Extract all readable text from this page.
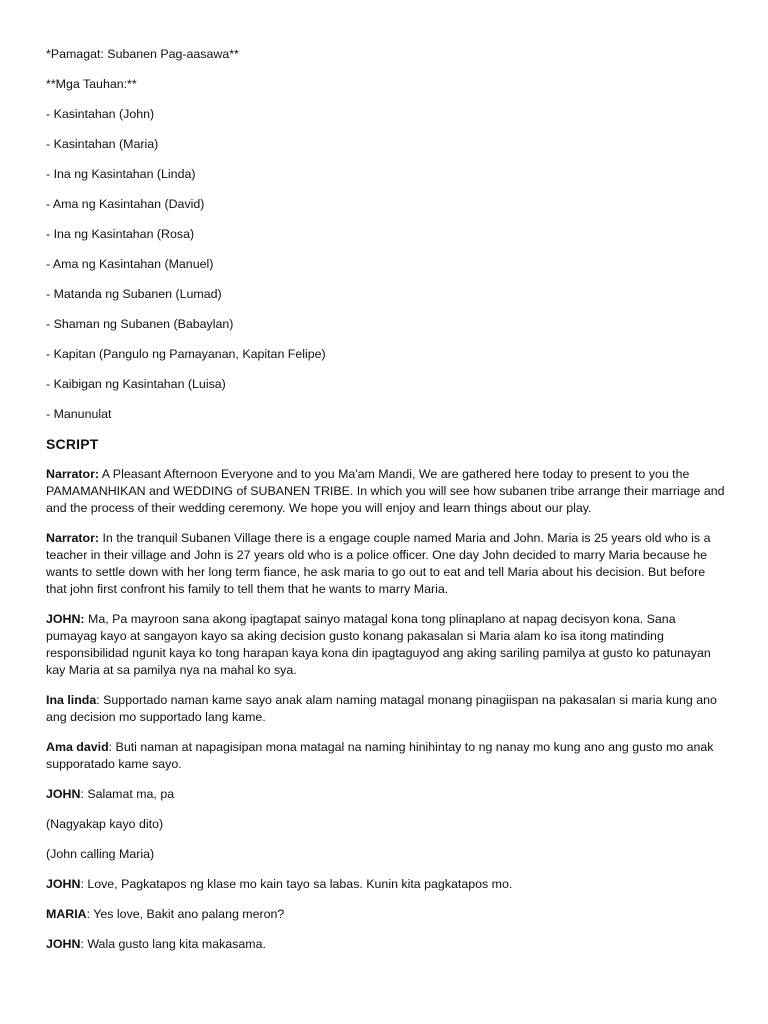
*Pamagat: Subanen Pag-aasawa**
**Mga Tauhan:**
- Kasintahan (John)
- Kasintahan (Maria)
- Ina ng Kasintahan (Linda)
- Ama ng Kasintahan (David)
- Ina ng Kasintahan (Rosa)
- Ama ng Kasintahan (Manuel)
- Matanda ng Subanen (Lumad)
- Shaman ng Subanen (Babaylan)
- Kapitan (Pangulo ng Pamayanan, Kapitan Felipe)
- Kaibigan ng Kasintahan (Luisa)
- Manunulat
SCRIPT

Narrator: A Pleasant Afternoon Everyone and to you Ma'am Mandi, We are gathered here today to present to you the PAMAMANHIKAN and WEDDING of SUBANEN TRIBE. In which you will see how subanen tribe arrange their marriage and and the process of their wedding ceremony. We hope you will enjoy and learn things about our play.

Narrator: In the tranquil Subanen Village there is a engage couple named Maria and John. Maria is 25 years old who is a teacher in their village and John is 27 years old who is a police officer. One day John decided to marry Maria because he wants to settle down with her long term fiance, he ask maria to go out to eat and tell Maria about his decision. But before that john first confront his family to tell them that he wants to marry Maria.

JOHN: Ma, Pa mayroon sana akong ipagtapat sainyo matagal kona tong plinaplano at napag decisyon kona. Sana pumayag kayo at sangayon kayo sa aking decision gusto konang pakasalan si Maria alam ko isa itong matinding responsibilidad ngunit kaya ko tong harapan kaya kona din ipagtaguyod ang aking sariling pamilya at gusto ko patunayan kay Maria at sa pamilya nya na mahal ko sya.

Ina linda: Supportado naman kame sayo anak alam naming matagal monang pinagiispan na pakasalan si maria kung ano ang decision mo supportado lang kame.

Ama david: Buti naman at napagisipan mona matagal na naming hinihintay to ng nanay mo kung ano ang gusto mo anak supporatado kame sayo.

JOHN: Salamat ma, pa

(Nagyakap kayo dito)

(John calling Maria)

JOHN: Love, Pagkatapos ng klase mo kain tayo sa labas. Kunin kita pagkatapos mo.

MARIA: Yes love, Bakit ano palang meron?

JOHN: Wala gusto lang kita makasama.
